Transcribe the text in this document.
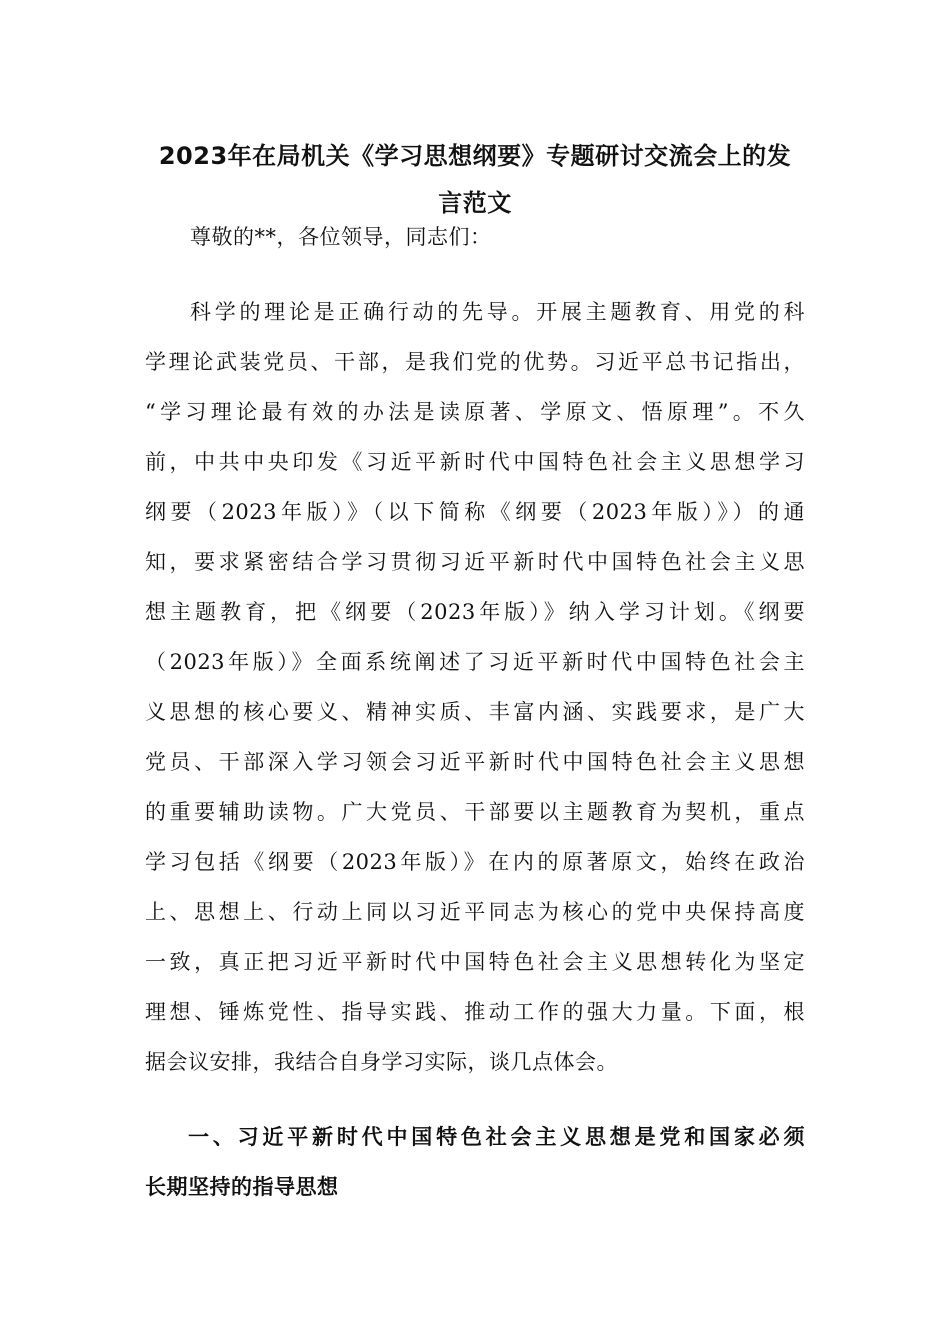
2023年在局机关《学习思想纲要》专题研讨交流会上的发
言范文
尊敬的**，各位领导，同志们：
科学的理论是正确行动的先导。开展主题教育、用党的科
学理论武装党员、干部，是我们党的优势。习近平总书记指出，
“学习理论最有效的办法是读原著、学原文、悟原理”。不久
前，中共中央印发《习近平新时代中国特色社会主义思想学习
纲要（2023年版）》（以下简称《纲要（2023年版）》）的通
知，要求紧密结合学习贯彻习近平新时代中国特色社会主义思
想主题教育，把《纲要（2023年版）》纳入学习计划。《纲要
（2023年版）》全面系统阐述了习近平新时代中国特色社会主
义思想的核心要义、精神实质、丰富内涵、实践要求，是广大
党员、干部深入学习领会习近平新时代中国特色社会主义思想
的重要辅助读物。广大党员、干部要以主题教育为契机，重点
学习包括《纲要（2023年版）》在内的原著原文，始终在政治
上、思想上、行动上同以习近平同志为核心的党中央保持高度
一致，真正把习近平新时代中国特色社会主义思想转化为坚定
理想、锤炼党性、指导实践、推动工作的强大力量。下面，根
据会议安排，我结合自身学习实际，谈几点体会。
一、习近平新时代中国特色社会主义思想是党和国家必须
长期坚持的指导思想
